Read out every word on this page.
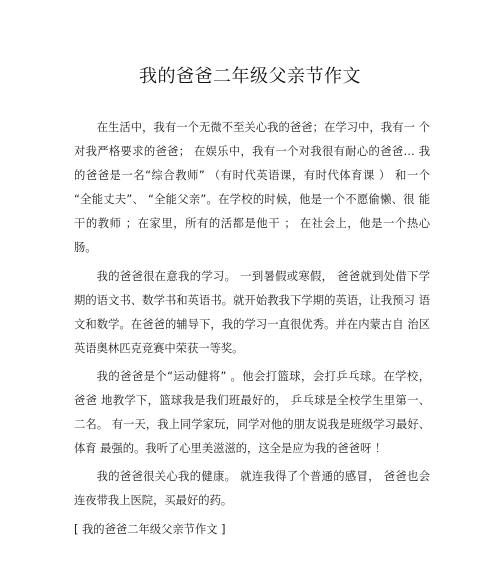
我的爸爸二年级父亲节作文

在生活中，我有一个无微不至关心我的爸爸；在学习中，我有一 个对我严格要求的爸爸； 在娱乐中，我有一个对我很有耐心的爸爸… 我的爸爸是一名“综合教师” （有时代英语课，有时代体育课 ） 和一个 “全能丈夫”、 “全能父亲”。在学校的时候，他是一个不愿偷懒、很 能干的教师 ；在家里，所有的活都是他干 ； 在社会上，他是一个热心肠。

我的爸爸很在意我的学习。 一到暑假或寒假， 爸爸就到处借下学 期的语文书、数学书和英语书。就开始教我下学期的英语，让我预习 语文和数学。在爸爸的辅导下，我的学习一直很优秀。并在内蒙古自 治区英语奥林匹克竞赛中荣获一等奖。

我的爸爸是个“运动健将” 。他会打篮球，会打乒乓球。在学校， 爸爸 地教学下，篮球我是我们班最好的， 乒乓球是全校学生里第一、 二名。 有一天，我上同学家玩，同学对他的朋友说我是班级学习最好、体育 最强的。我听了心里美滋滋的，这全是应为我的爸爸呀 ！

我的爸爸很关心我的健康。 就连我得了个普通的感冒， 爸爸也会 连夜带我上医院，买最好的药。

[ 我的爸爸二年级父亲节作文 ]
